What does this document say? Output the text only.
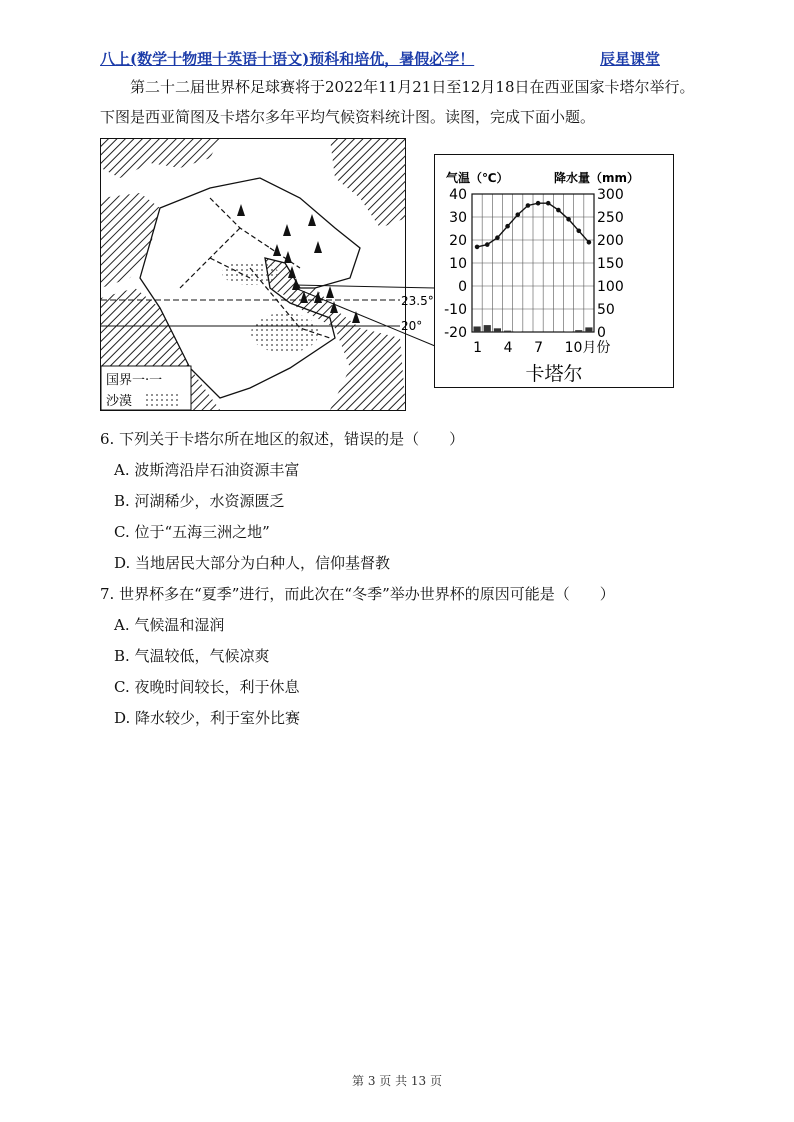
八上(数学十物理十英语十语文)预科和培优，暑假必学！	辰星课堂
第二十二届世界杯足球赛将于2022年11月21日至12月18日在西亚国家卡塔尔举行。下图是西亚简图及卡塔尔多年平均气候资料统计图。读图，完成下面小题。
23.5°
20°
国界一·一
沙漠
气温（℃）	降水量（mm）
40
30
20
10
0
-10
-20
300
250
200
150
100
50
0
1 4 7 10月份
卡塔尔
6. 下列关于卡塔尔所在地区的叙述，错误的是（　　）
A. 波斯湾沿岸石油资源丰富
B. 河湖稀少，水资源匮乏
C. 位于“五海三洲之地”
D. 当地居民大部分为白种人，信仰基督教
7. 世界杯多在“夏季”进行，而此次在“冬季”举办世界杯的原因可能是（　　）
A. 气候温和湿润
B. 气温较低，气候凉爽
C. 夜晚时间较长，利于休息
D. 降水较少，利于室外比赛
第 3 页 共 13 页
